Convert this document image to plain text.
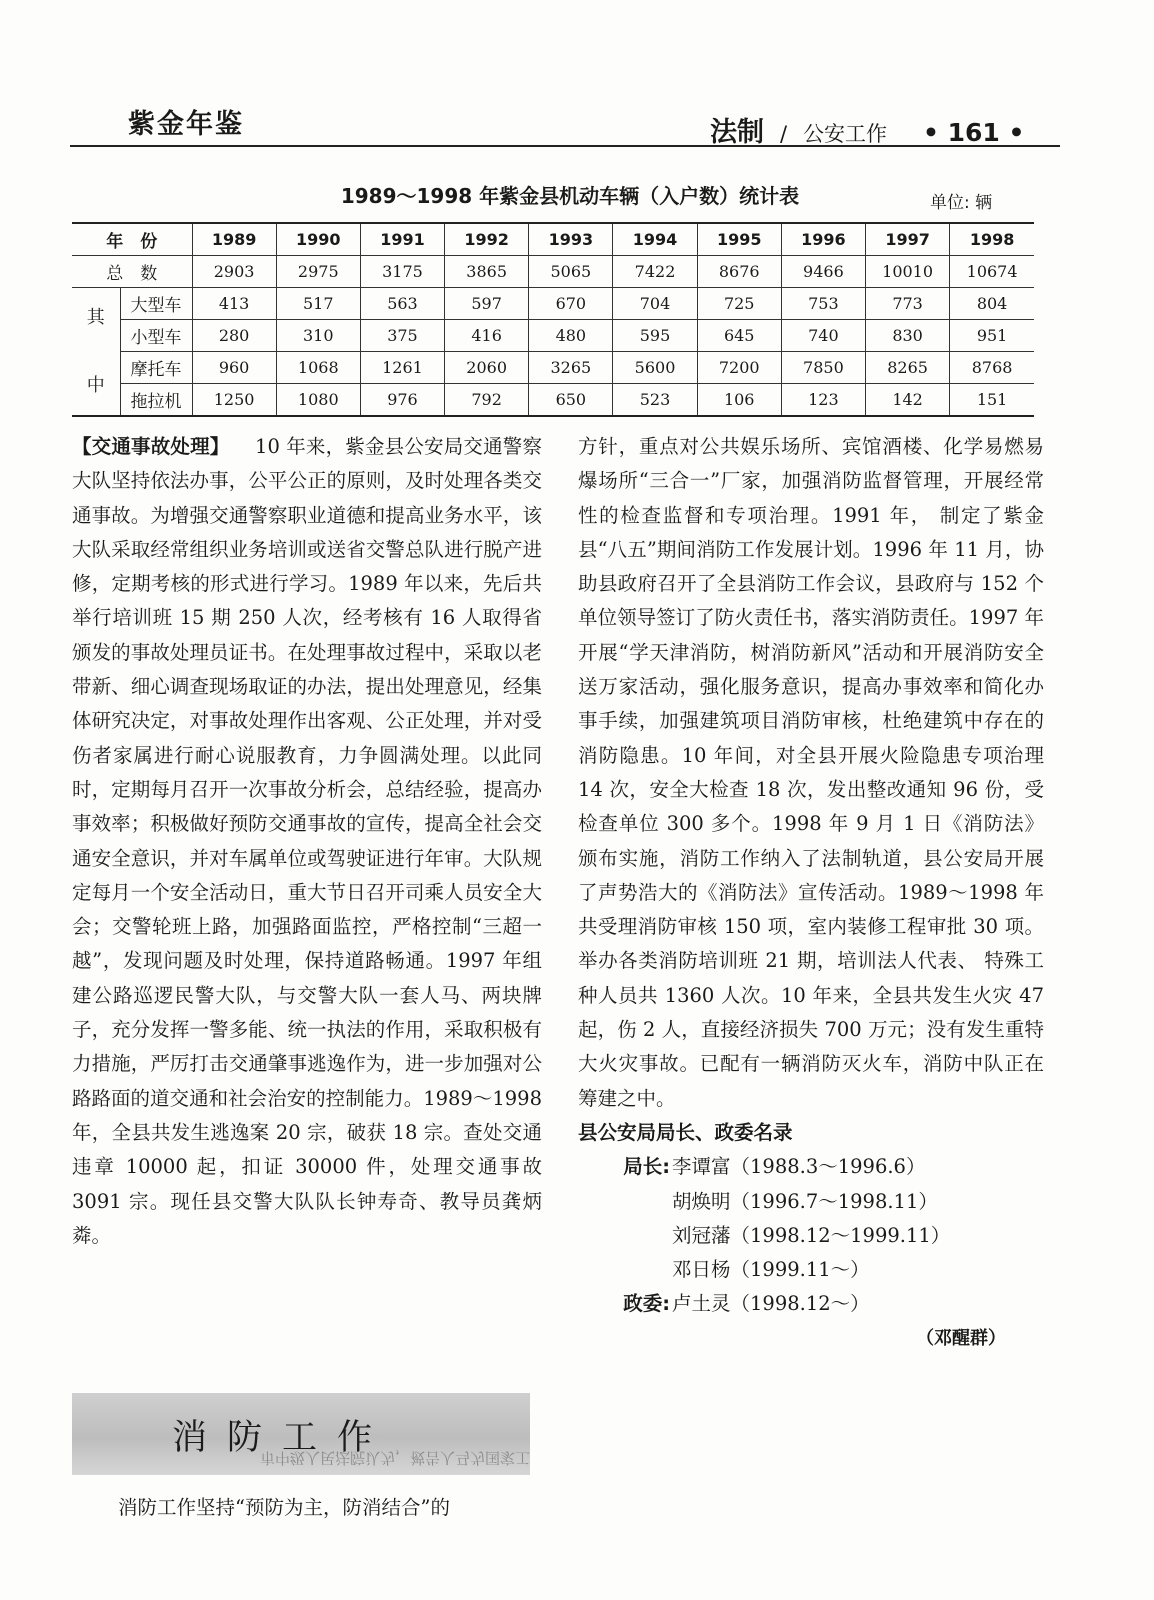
紫金年鉴	法制 / 公安工作 • 161 •
1989～1998 年紫金县机动车辆（入户数）统计表	单位: 辆
年　份		1989	1990	1991	1992	1993	1994	1995	1996	1997	1998
总　数		2903	2975	3175	3865	5065	7422	8676	9466	10010	10674
其

中	大型车	413	517	563	597	670	704	725	753	773	804
	小型车	280	310	375	416	480	595	645	740	830	951
	摩托车	960	1068	1261	2060	3265	5600	7200	7850	8265	8768
	拖拉机	1250	1080	976	792	650	523	106	123	142	151

【交通事故处理】 10 年来，紫金县公安局交通警察大队坚持依法办事，公平公正的原则，及时处理各类交通事故。为增强交通警察职业道德和提高业务水平，该大队采取经常组织业务培训或送省交警总队进行脱产进修，定期考核的形式进行学习。1989 年以来，先后共举行培训班 15 期 250 人次，经考核有 16 人取得省颁发的事故处理员证书。在处理事故过程中，采取以老带新、细心调查现场取证的办法，提出处理意见，经集体研究决定，对事故处理作出客观、公正处理，并对受伤者家属进行耐心说服教育，力争圆满处理。以此同时，定期每月召开一次事故分析会，总结经验，提高办事效率；积极做好预防交通事故的宣传，提高全社会交通安全意识，并对车属单位或驾驶证进行年审。大队规定每月一个安全活动日，重大节日召开司乘人员安全大会；交警轮班上路，加强路面监控，严格控制“三超一越”，发现问题及时处理，保持道路畅通。1997 年组建公路巡逻民警大队，与交警大队一套人马、两块牌子，充分发挥一警多能、统一执法的作用，采取积极有力措施，严厉打击交通肇事逃逸作为，进一步加强对公路路面的道交通和社会治安的控制能力。1989～1998 年，全县共发生逃逸案 20 宗，破获 18 宗。查处交通违章 10000 起，扣证 30000 件，处理交通事故 3091 宗。现任县交警大队队长钟寿奇、教导员龚炳粦。

方针，重点对公共娱乐场所、宾馆酒楼、化学易燃易爆场所“三合一”厂家，加强消防监督管理，开展经常性的检查监督和专项治理。1991 年， 制定了紫金县“八五”期间消防工作发展计划。1996 年 11 月，协助县政府召开了全县消防工作会议，县政府与 152 个单位领导签订了防火责任书，落实消防责任。1997 年开展“学天津消防，树消防新风”活动和开展消防安全送万家活动，强化服务意识，提高办事效率和简化办事手续，加强建筑项目消防审核，杜绝建筑中存在的消防隐患。10 年间，对全县开展火险隐患专项治理 14 次，安全大检查 18 次，发出整改通知 96 份，受检查单位 300 多个。1998 年 9 月 1 日《消防法》颁布实施，消防工作纳入了法制轨道，县公安局开展了声势浩大的《消防法》宣传活动。1989～1998 年共受理消防审核 150 项，室内装修工程审批 30 项。举办各类消防培训班 21 期，培训法人代表、 特殊工种人员共 1360 人次。10 年来，全县共发生火灾 47 起，伤 2 人，直接经济损失 700 万元；没有发生重特大火灾事故。已配有一辆消防灭火车，消防中队正在筹建之中。

县公安局局长、政委名录

局长: 李谭富（1988.3～1996.6）
胡焕明（1996.7～1998.11）
刘冠藩（1998.12～1999.11）
邓日杨（1999.11～）
政委: 卢土灵（1998.12～）

（邓醒群）

消防工作
市中级人民法院认为，被告人马为国家工
消防工作坚持“预防为主，防消结合”的
